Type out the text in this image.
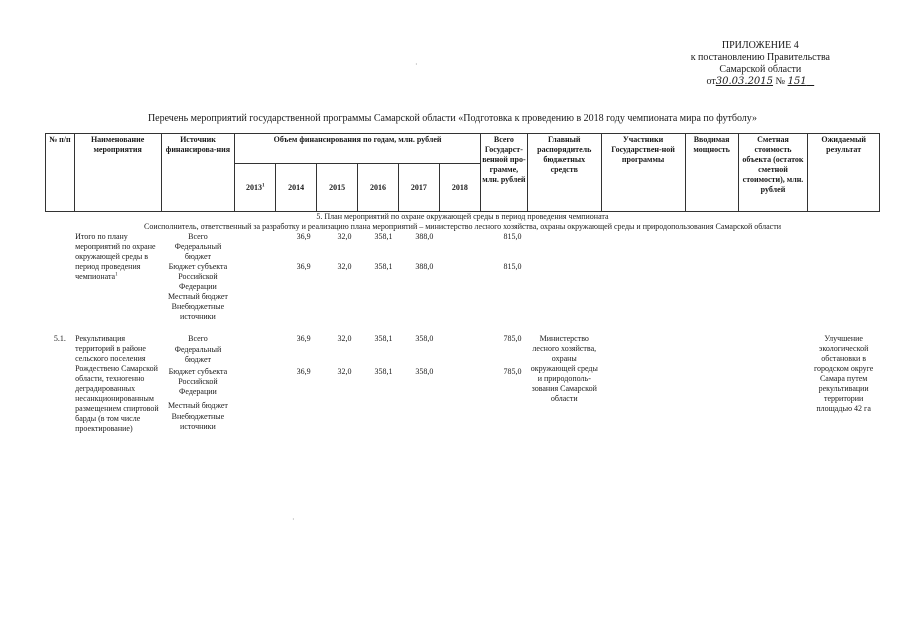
ПРИЛОЖЕНИЕ 4
к постановлению Правительства
Самарской области
от30.03.2015 № 151
Перечень мероприятий государственной программы Самарской области «Подготовка к проведению в 2018 году чемпионата мира по футболу»
№ п/п	Наименование мероприятия	Источник финансирова-ния	Объем финансирования по годам, млн. рублей						Всего Государст-венной про-грамме, млн. рублей	Главный распорядитель бюджетных средств	Участники Государствен-ной программы	Вводимая мощность	Сметная стоимость объекта (остаток сметной стоимости), млн. рублей	Ожидаемый результат
			2013$^1$	2014	2015	2016	2017	2018						
5. План мероприятий по охране окружающей среды в период проведения чемпионата														
Соисполнитель, ответственный за разработку и реализацию плана мероприятий – министерство лесного хозяйства, охраны окружающей среды и природопользования Самарской области														
	Итого по плану мероприятий по охране окружающей среды в период проведения чемпионата$^1$	Всего		36,9	32,0	358,1	388,0		815,0					
		Федеральный бюджет												
		Бюджет субъекта Российской Федерации		36,9	32,0	358,1	388,0		815,0					
		Местный бюджет												
		Внебюджетные источники												

5.1.	Рекультивация территорий в районе сельского поселения Рождествено Самарской области, техногенно деградированных несанкционированным размещением спиртовой барды (в том числе проектирование)	Всего		36,9	32,0	358,1	358,0		785,0	Министерство лесного хозяйства, охраны окружающей среды и природополь-зования Самарской области				Улучшение экологической обстановки в городском округе Самара путем рекультивации территории площадью 42 га
		Федеральный бюджет												
		Бюджет субъекта Российской Федерации		36,9	32,0	358,1	358,0		785,0					
		Местный бюджет												
		Внебюджетные источники												
·
·
